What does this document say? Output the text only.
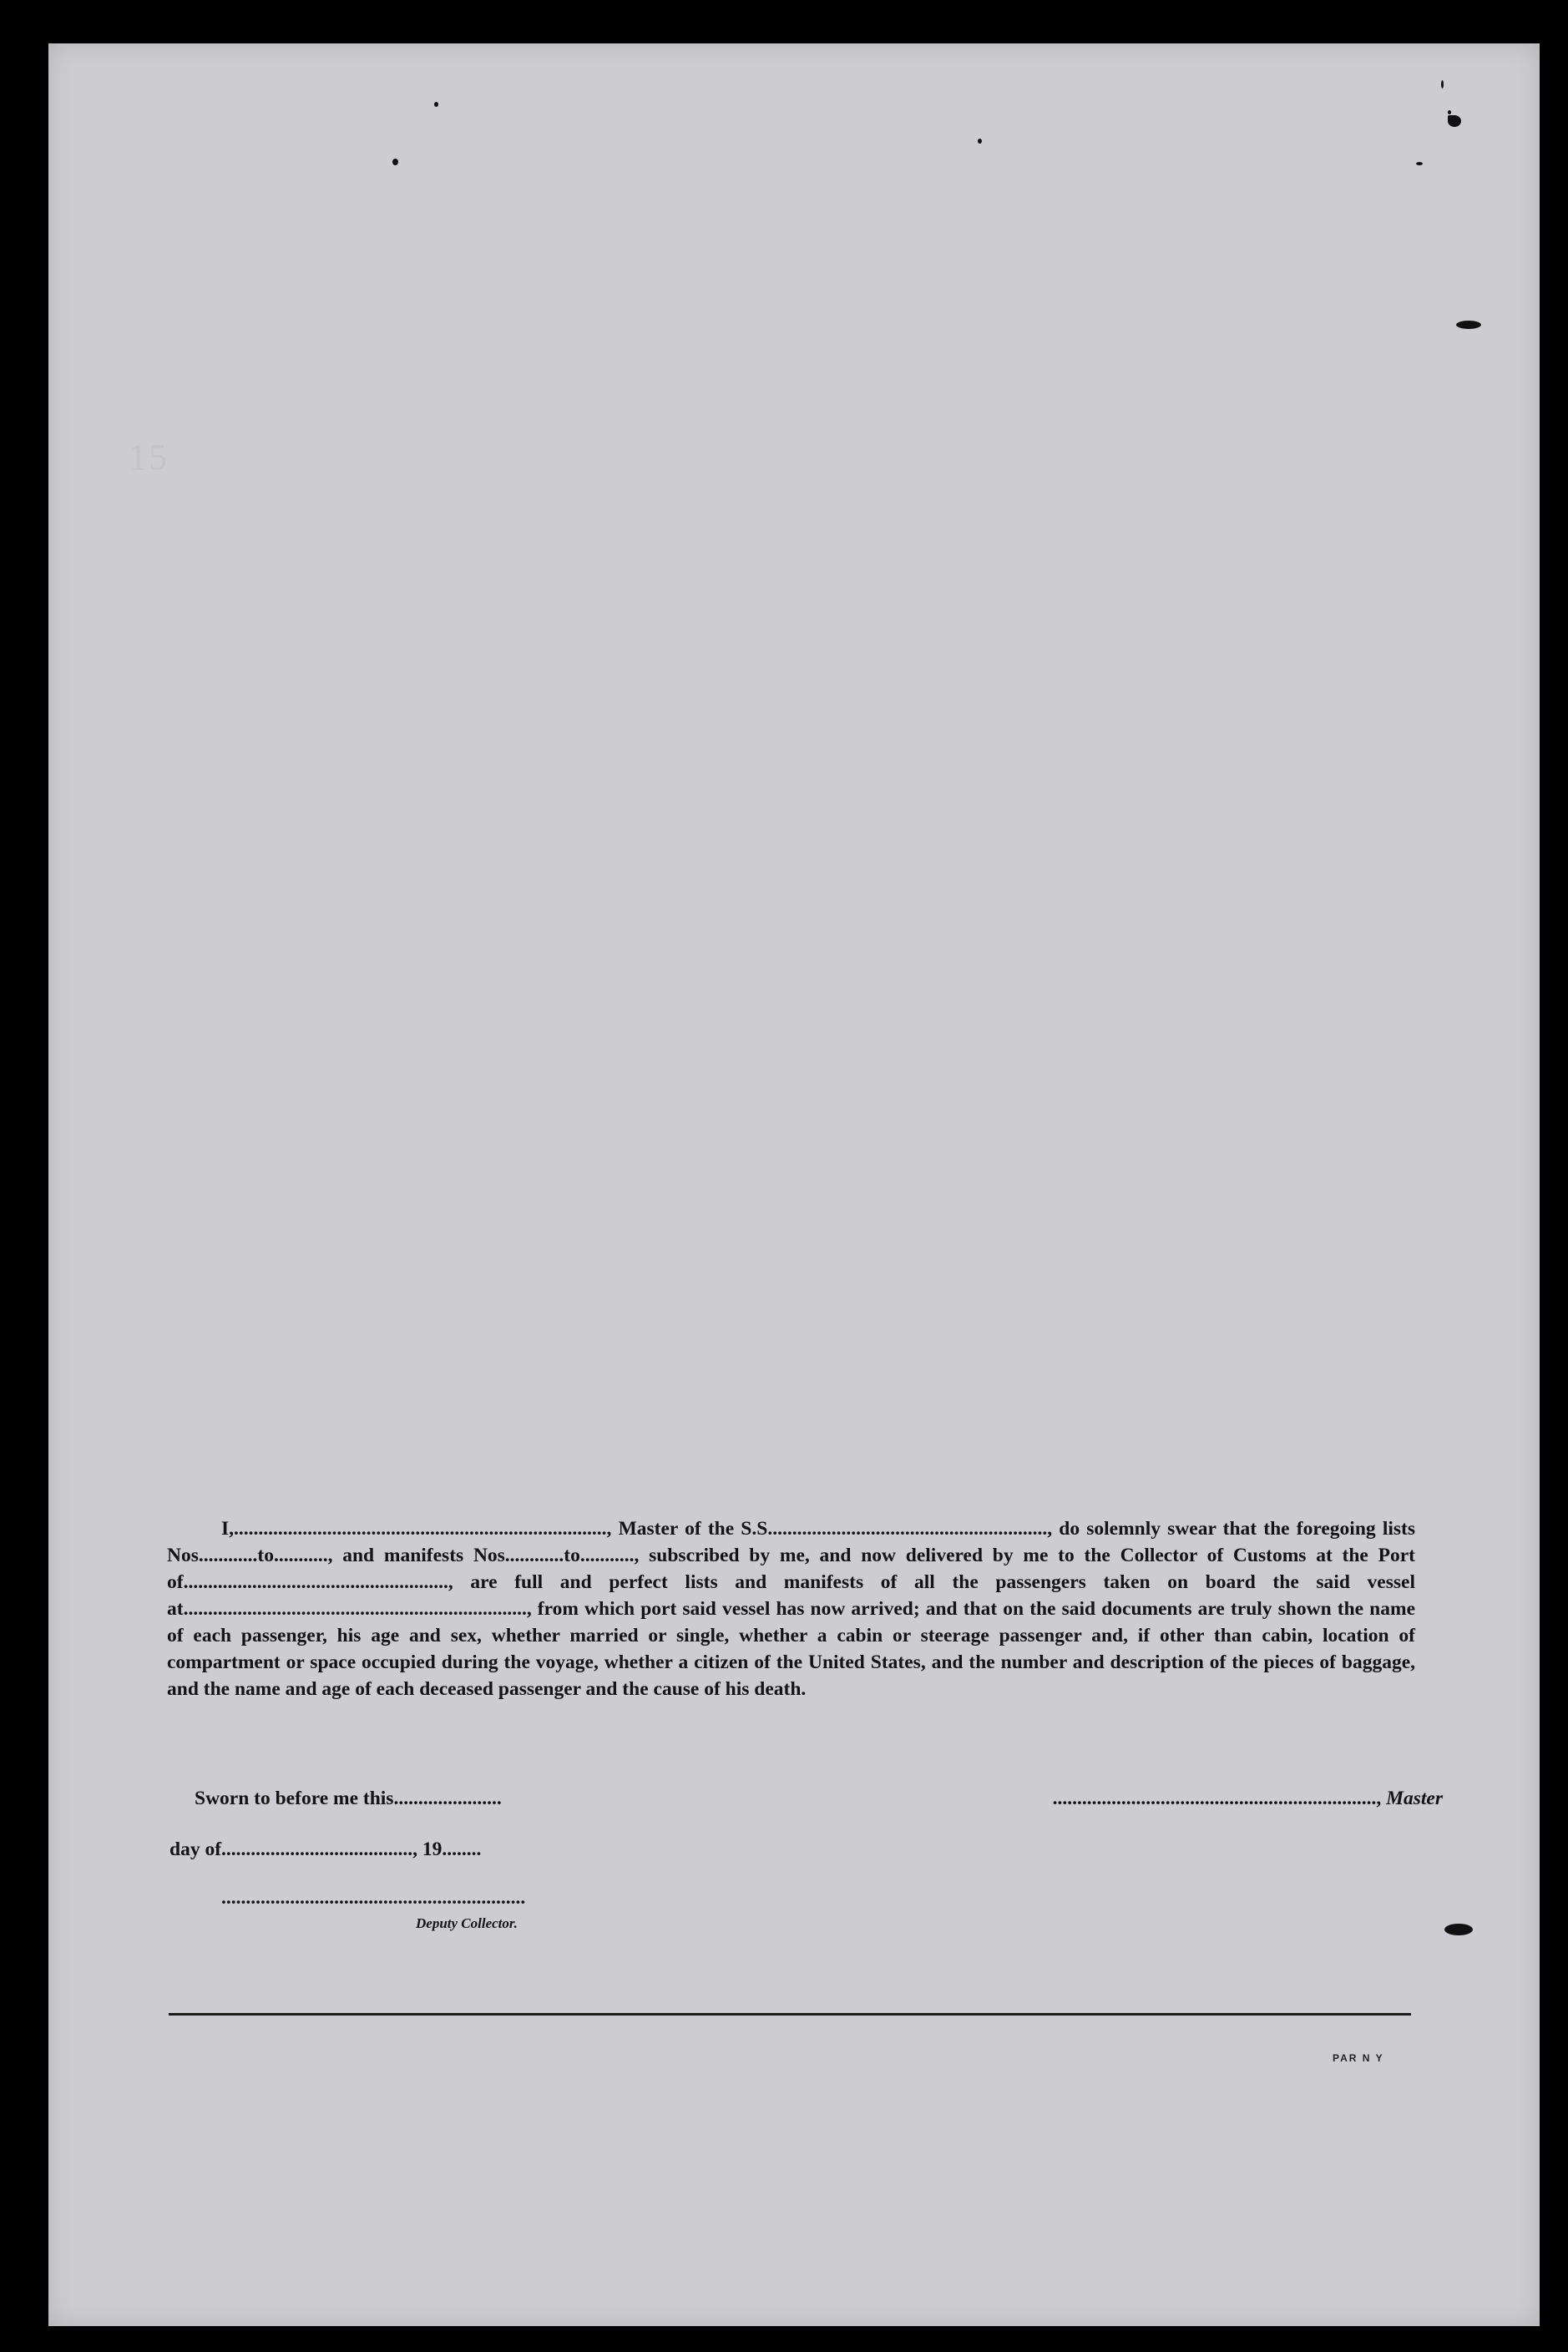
15

I,............................................................................, Master of the S.S........................................................., do solemnly swear that the foregoing lists Nos............to..........., and manifests Nos............to..........., subscribed by me, and now delivered by me to the Collector of Customs at the Port of......................................................, are full and perfect lists and manifests of all the passengers taken on board the said vessel at......................................................................, from which port said vessel has now arrived; and that on the said documents are truly shown the name of each passenger, his age and sex, whether married or single, whether a cabin or steerage passenger and, if other than cabin, location of compartment or space occupied during the voyage, whether a citizen of the United States, and the number and description of the pieces of baggage, and the name and age of each deceased passenger and the cause of his death.

Sworn to before me this......................
day of......................................., 19........
..............................................................
Deputy Collector.
.................................................................., Master
PAR N Y
